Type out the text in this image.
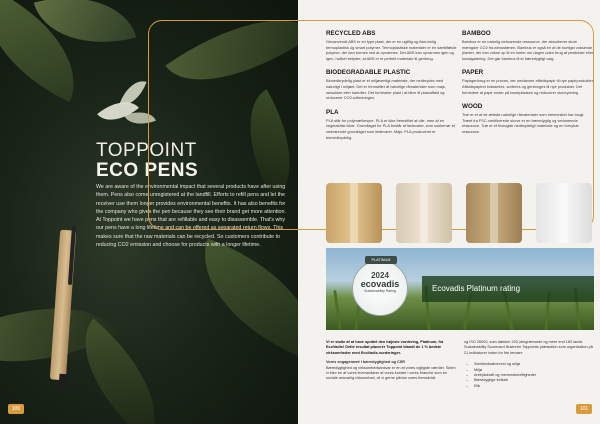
TOPPOINT
ECO PENS
We are aware of the environmental impact that several products have after using them. Pens also come unregistered at the landfill. Efforts to refill pens and let the receiver use them longer provides environmental benefits. It has also benefits for the company who gives the pen because they see their brand get more attention. At Toppoint we have pens that are refillable and easy to disassemble. That's why our pens have a long lifetime and can be offered as separated return flows. This makes sure that the raw materials can be recycled. So customers contribute to reducing CO2 emission and choose for products with a longer lifetime.
100
RECYCLED ABS
Genanvendt ABS er en type plast, der er en ugiftig og ikke-farlig termoplastisk og smart polymer. Termoplastiske materialer er en særtilfælde polymer, der kan formes ved at opvarmes. Det ABS kan opvarmes igen og igen, hvilket betyder, at ABS er et perfekt materiale til genbrug.
BIODEGRADABLE PLASTIC
Bionedbrydelig plast er et miljøvenligt materiale, der nedbrydes med naturligt i miljøet. Det er fremstillet af naturlige råmaterialer som majs, rørsukker eller kartofler. Det forhindrer plast i at blive til plastaffald og reducerer CO2-udledningen.
PLA
PLA står for polymælkesyre. PLA er ikke fremstillet af olie, men af en vegetabilsk kilde. Grundlaget for PLA består af fødevarer, som sukkerrør et vedvarende grundlaget som fødevarer. Majs. PLA produceret er bionedbrydelig.
BAMBOO
Bambus er en naturlig vedvarende ressource, der absorberer store mængder CO2 fra atmosfæren. Bambus er også en af de hurtigst voksende planter, der kan vokse op til en meter om dagen uden brug af pesticider eller kunstgødning. Det gør bambus til et bæredygtigt valg.
PAPER
Papirgenbrug er en proces, der omdanner affaldspapir til nye papirprodukter. Affaldspapiret indsamles, sorteres og genbruges til nye produkter. Det forhindrer at papir ender på lossepladsen og reducerer skovrydning.
WOOD
Træ er et af de ældste naturlige råmaterialer som mennesket har brugt. Træet fra FSC-certificerede skove er en bæredygtig og vedvarende ressource. Træ er et biologisk nedbrydeligt materiale og en fornybar ressource.
PLATINUM
2024
ecovadis
Sustainability Rating	Ecovadis Platinum rating
Vi er stolte af at have opnået den højeste vurdering, Platinum, fra EcoVadis! Dette resultat placerer Toppoint blandt de 1 % bedste virksomheder med EcoVadis-vurderinger.
Vores engagement i bæredygtighed og CSR
Bæredygtighed og virksomhedsansvar er en af vores vigtigste værdier. Siden vi blev en af vores leverandører af vores kunder i vores branche som en sociale ansvarlig virksomhed, vil vi gerne påvise vores fremskridt.
og ISO 26000, som dækker 200 ubegrænsede og mere end 160 lande. Sustainability Scorecard illustrerer Toppoints præstation som organisation på 21 indikatorer inden for fire temaer:
– Samfundsøkonomi og miljø
– Miljø
– Arbejdskraft og menneskerettigheder
– Bæredygtige indkøb
– Etik
101
